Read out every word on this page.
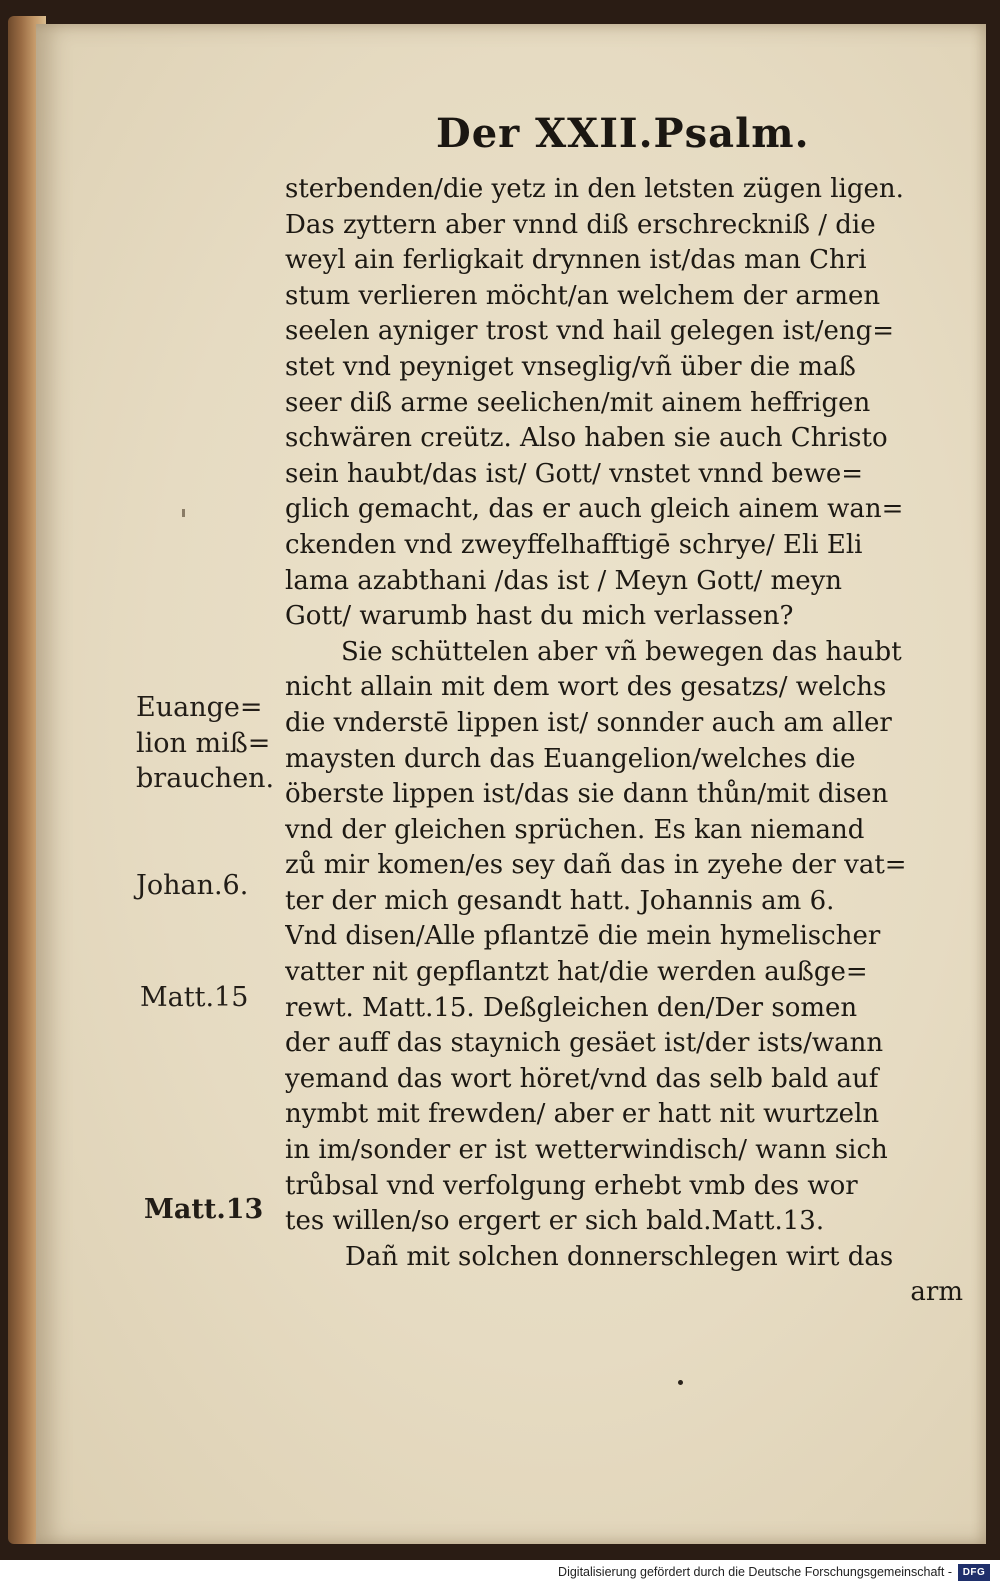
Der XXII.Psalm.
Euange=
lion miß=
brauchen.
Johan.6.
Matt.15
Matt.13
sterbenden/die yetz in den letsten zügen ligen.
Das zyttern aber vnnd diß erschreckniß / die
weyl ain ferligkait drynnen ist/das man Chri
stum verlieren möcht/an welchem der armen
seelen ayniger trost vnd hail gelegen ist/eng=
stet vnd peyniget vnseglig/vñ über die maß
seer diß arme seelichen/mit ainem heffrigen
schwären creütz. Also haben sie auch Christo
sein haubt/das ist/ Gott/ vnstet vnnd bewe=
glich gemacht, das er auch gleich ainem wan=
ckenden vnd zweyffelhafftigē schrye/ Eli Eli
lama azabthani /das ist / Meyn Gott/ meyn
Gott/ warumb hast du mich verlassen?
Sie schüttelen aber vñ bewegen das haubt
nicht allain mit dem wort des gesatzs/ welchs
die vnderstē lippen ist/ sonnder auch am aller
maysten durch das Euangelion/welches die
öberste lippen ist/das sie dann thůn/mit disen
vnd der gleichen sprüchen. Es kan niemand
zů mir komen/es sey dañ das in zyehe der vat=
ter der mich gesandt hatt. Johannis am 6.
Vnd disen/Alle pflantzē die mein hymelischer
vatter nit gepflantzt hat/die werden außge=
rewt. Matt.15. Deßgleichen den/Der somen
der auff das staynich gesäet ist/der ists/wann
yemand das wort höret/vnd das selb bald auf
nymbt mit frewden/ aber er hatt nit wurtzeln
in im/sonder er ist wetterwindisch/ wann sich
trůbsal vnd verfolgung erhebt vmb des wor
tes willen/so ergert er sich bald.Matt.13.
Dañ mit solchen donnerschlegen wirt das
arm
Digitalisierung gefördert durch die Deutsche Forschungsgemeinschaft -	DFG
